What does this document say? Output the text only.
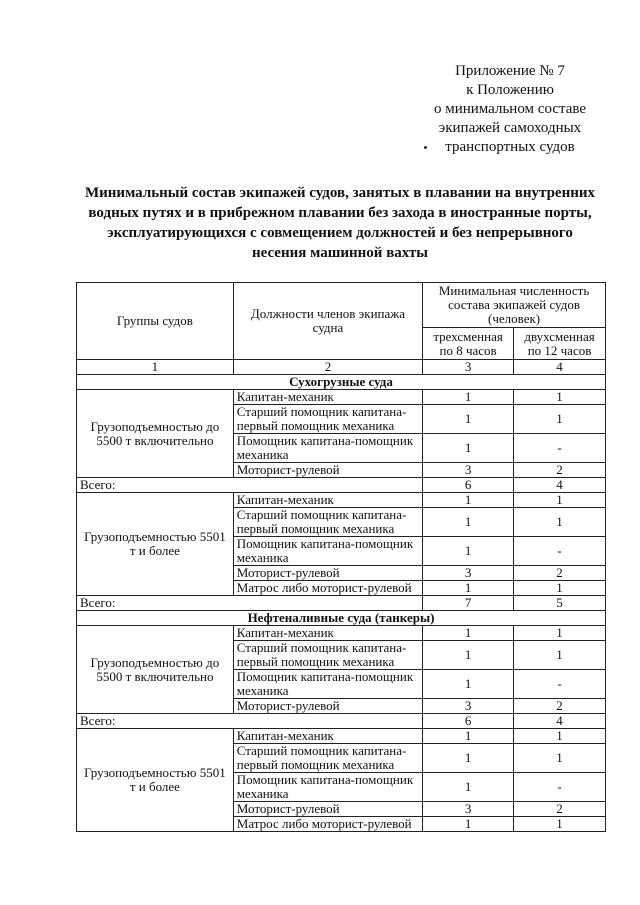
Приложение № 7
к Положению
о минимальном составе
экипажей самоходных
транспортных судов
Минимальный состав экипажей судов, занятых в плавании на внутренних
водных путях и в прибрежном плавании без захода в иностранные порты,
эксплуатирующихся с совмещением должностей и без непрерывного
несения машинной вахты
Группы судов	Должности членов экипажа судна	Минимальная численность состава экипажей судов (человек)	
		трехсменная по 8 часов	двухсменная по 12 часов
1	2	3	4
Сухогрузные суда			
Грузоподъемностью до 5500 т включительно	Капитан-механик	1	1
	Старший помощник капитана-первый помощник механика	1	1
	Помощник капитана-помощник механика	1	-
	Моторист-рулевой	3	2
Всего:		6	4
Грузоподъемностью 5501 т и более	Капитан-механик	1	1
	Старший помощник капитана-первый помощник механика	1	1
	Помощник капитана-помощник механика	1	-
	Моторист-рулевой	3	2
	Матрос либо моторист-рулевой	1	1
Всего:		7	5
Нефтеналивные суда (танкеры)			
Грузоподъемностью до 5500 т включительно	Капитан-механик	1	1
	Старший помощник капитана-первый помощник механика	1	1
	Помощник капитана-помощник механика	1	-
	Моторист-рулевой	3	2
Всего:		6	4
Грузоподъемностью 5501 т и более	Капитан-механик	1	1
	Старший помощник капитана-первый помощник механика	1	1
	Помощник капитана-помощник механика	1	-
	Моторист-рулевой	3	2
	Матрос либо моторист-рулевой	1	1
